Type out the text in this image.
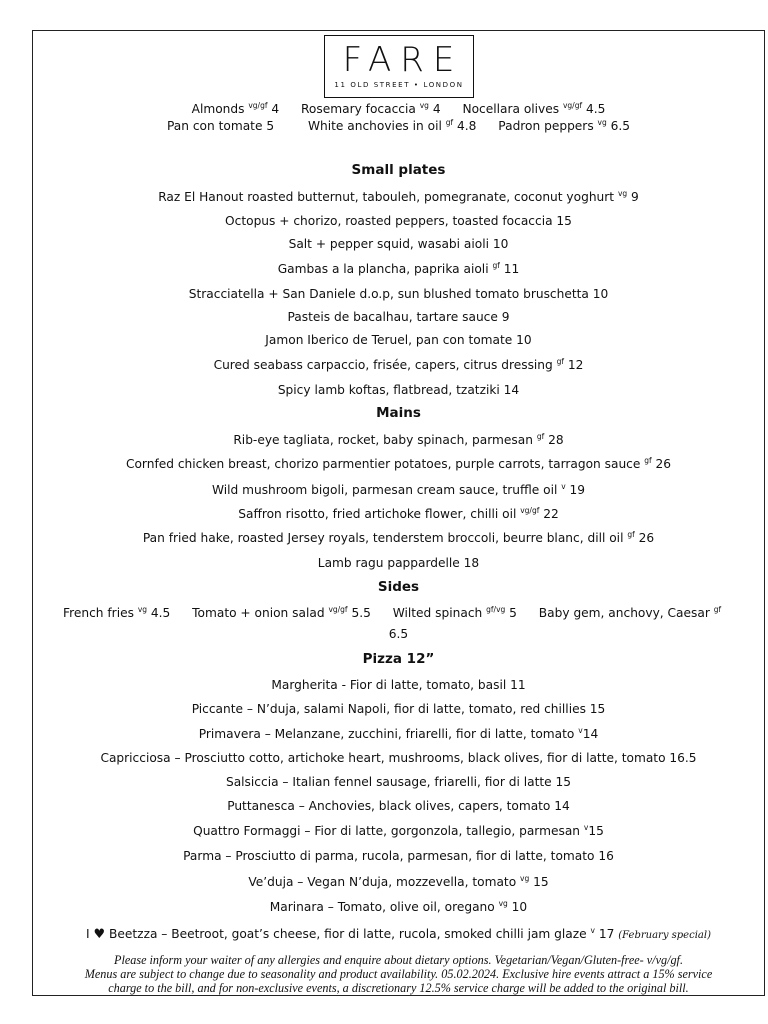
FARE
11 OLD STREET • LONDON
Almonds $^{vg/gf}$ 4 Rosemary focaccia $^{vg}$ 4 Nocellara olives $^{vg/gf}$ 4.5
Pan con tomate 5	White anchovies in oil $^{gf}$ 4.8 Padron peppers $^{vg}$ 6.5
Small plates
Raz El Hanout roasted butternut, tabouleh, pomegranate, coconut yoghurt $^{vg}$ 9
Octopus + chorizo, roasted peppers, toasted focaccia 15
Salt + pepper squid, wasabi aioli 10
Gambas a la plancha, paprika aioli $^{gf}$ 11
Stracciatella + San Daniele d.o.p, sun blushed tomato bruschetta 10
Pasteis de bacalhau, tartare sauce 9
Jamon Iberico de Teruel, pan con tomate 10
Cured seabass carpaccio, frisée, capers, citrus dressing $^{gf}$ 12
Spicy lamb koftas, flatbread, tzatziki 14
Mains
Rib-eye tagliata, rocket, baby spinach, parmesan $^{gf}$ 28
Cornfed chicken breast, chorizo parmentier potatoes, purple carrots, tarragon sauce $^{gf}$ 26
Wild mushroom bigoli, parmesan cream sauce, truffle oil $^v$ 19
Saffron risotto, fried artichoke flower, chilli oil $^{vg/gf}$ 22
Pan fried hake, roasted Jersey royals, tenderstem broccoli, beurre blanc, dill oil $^{gf}$ 26
Lamb ragu pappardelle 18
Sides
French fries $^{vg}$ 4.5 Tomato + onion salad $^{vg/gf}$ 5.5 Wilted spinach $^{gf/vg}$ 5 Baby gem, anchovy, Caesar $^{gf}$
6.5
Pizza 12”
Margherita - Fior di latte, tomato, basil 11
Piccante – N’duja, salami Napoli, fior di latte, tomato, red chillies 15
Primavera – Melanzane, zucchini, friarelli, fior di latte, tomato $^v$14
Capricciosa – Prosciutto cotto, artichoke heart, mushrooms, black olives, fior di latte, tomato 16.5
Salsiccia – Italian fennel sausage, friarelli, fior di latte 15
Puttanesca – Anchovies, black olives, capers, tomato 14
Quattro Formaggi – Fior di latte, gorgonzola, tallegio, parmesan $^v$15
Parma – Prosciutto di parma, rucola, parmesan, fior di latte, tomato 16
Ve’duja – Vegan N’duja, mozzevella, tomato $^{vg}$ 15
Marinara – Tomato, olive oil, oregano $^{vg}$ 10
I ♥ Beetzza – Beetroot, goat’s cheese, fior di latte, rucola, smoked chilli jam glaze $^v$ 17 (February special)
Please inform your waiter of any allergies and enquire about dietary options. Vegetarian/Vegan/Gluten-free- v/vg/gf.
Menus are subject to change due to seasonality and product availability. 05.02.2024. Exclusive hire events attract a 15% service
charge to the bill, and for non-exclusive events, a discretionary 12.5% service charge will be added to the original bill.
